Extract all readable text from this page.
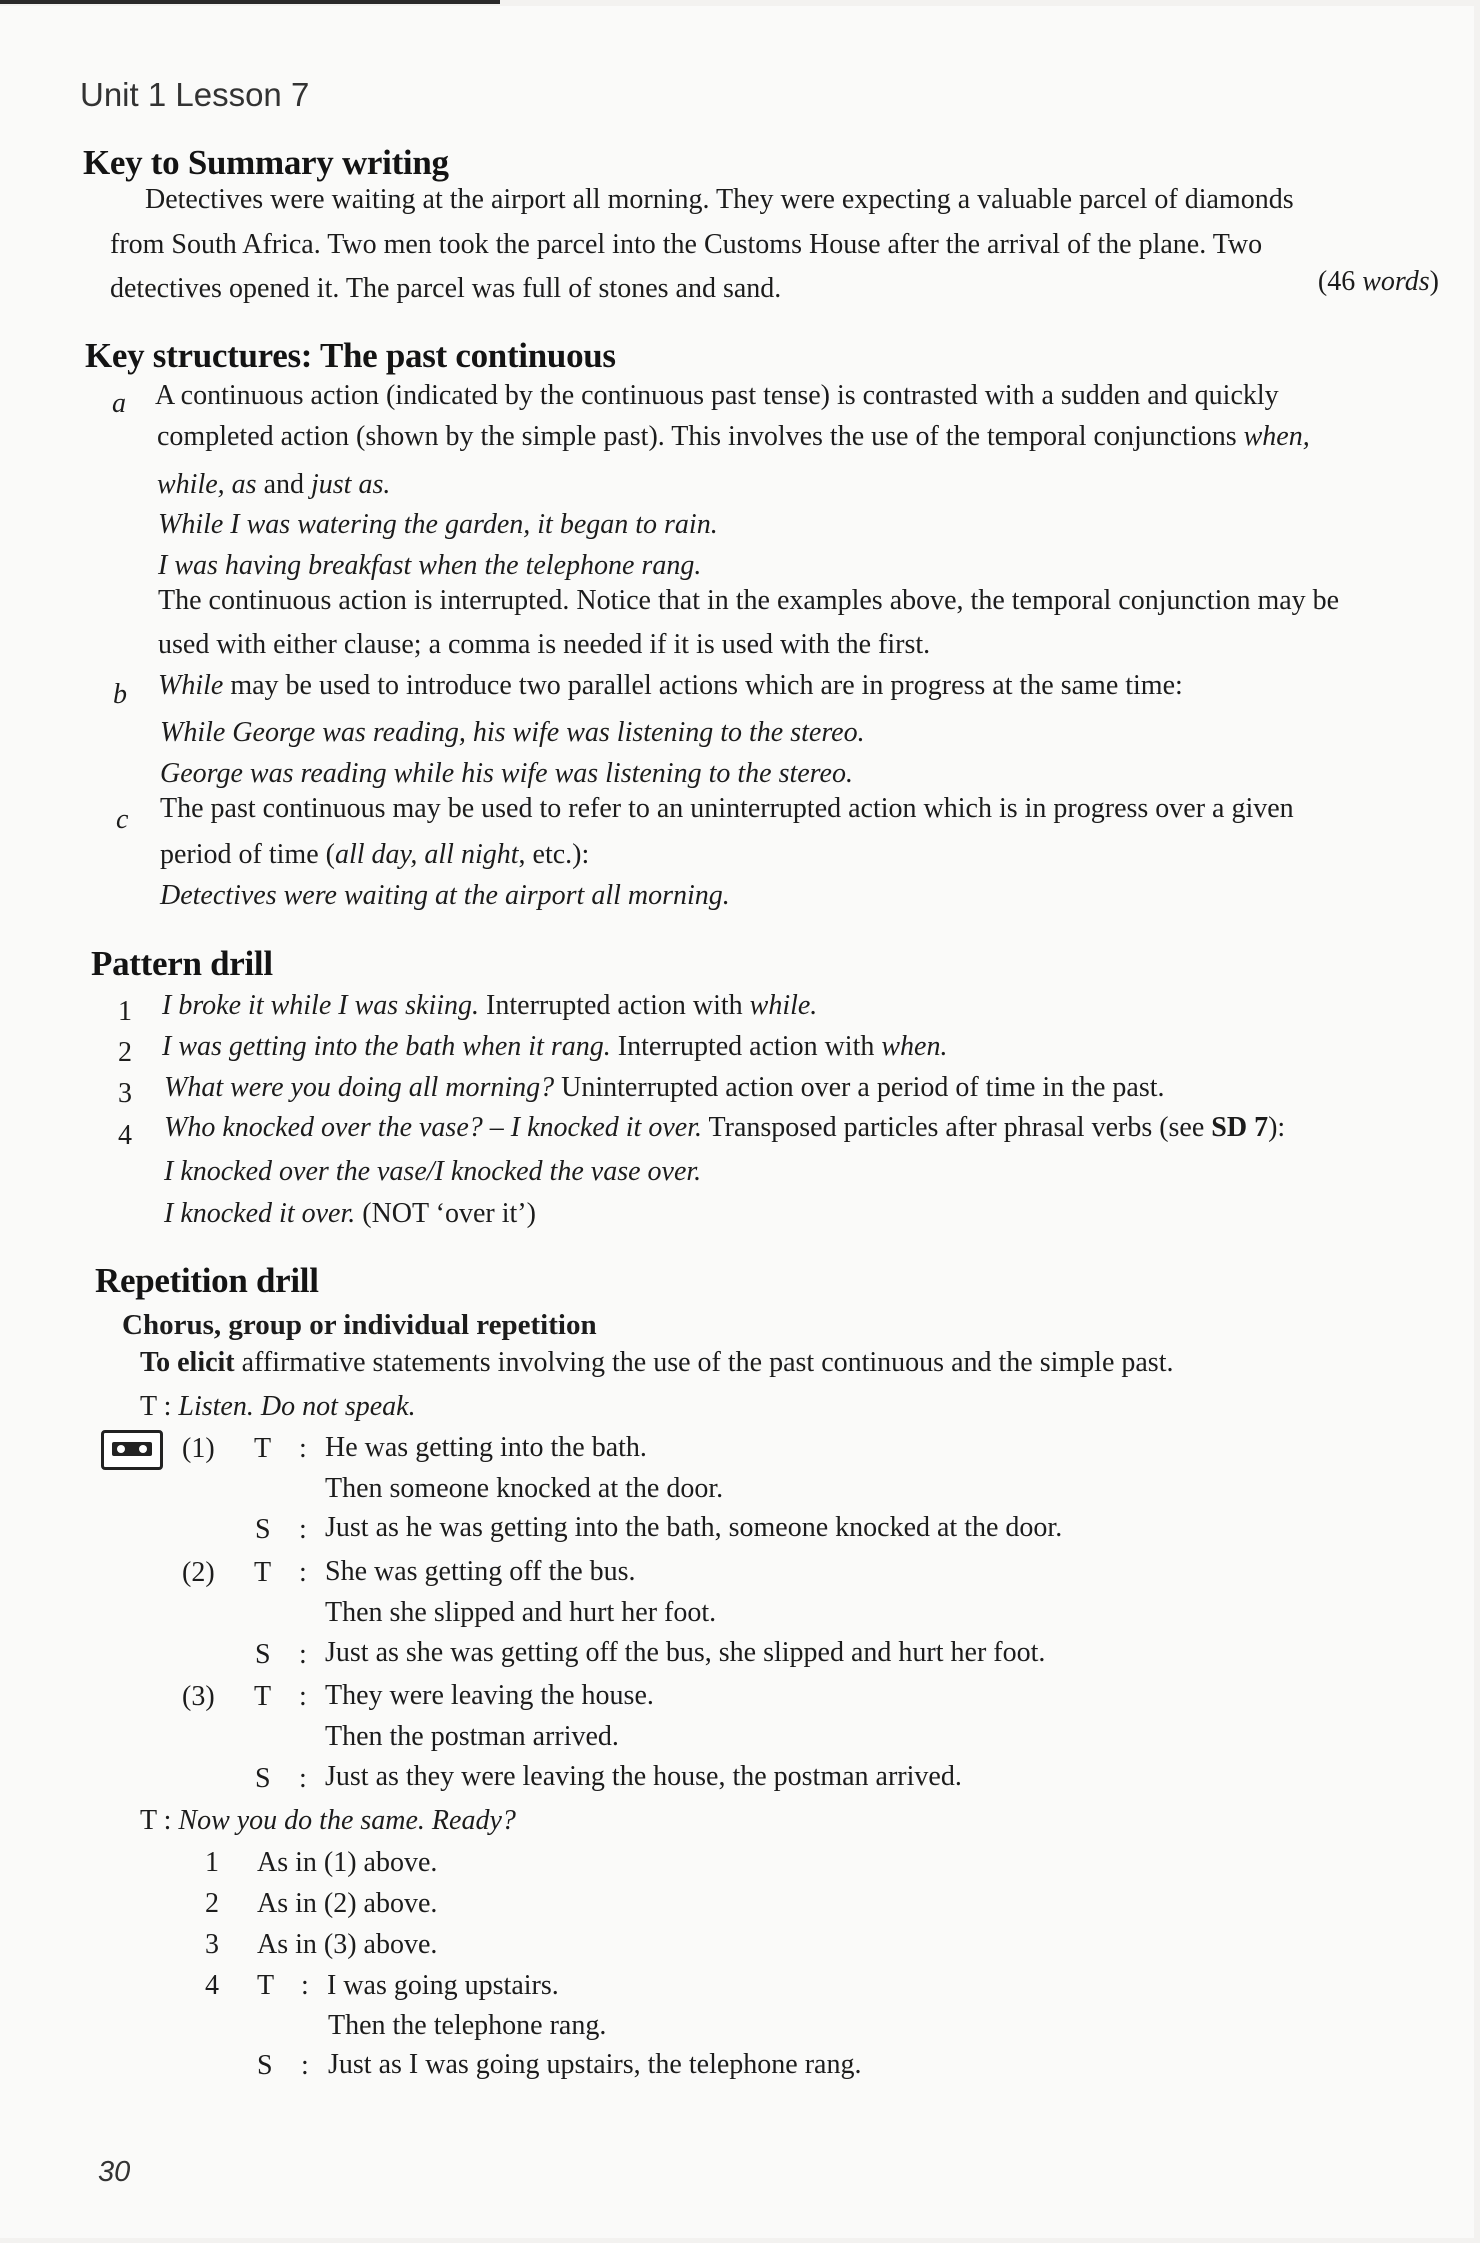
Unit 1 Lesson 7
Key to Summary writing
Detectives were waiting at the airport all morning. They were expecting a valuable parcel of diamonds
from South Africa. Two men took the parcel into the Customs House after the arrival of the plane. Two
detectives opened it. The parcel was full of stones and sand.	(46 words)
Key structures: The past continuous
a A continuous action (indicated by the continuous past tense) is contrasted with a sudden and quickly
completed action (shown by the simple past). This involves the use of the temporal conjunctions when,
while, as and just as.
While I was watering the garden, it began to rain.
I was having breakfast when the telephone rang.
The continuous action is interrupted. Notice that in the examples above, the temporal conjunction may be
used with either clause; a comma is needed if it is used with the first.
b While may be used to introduce two parallel actions which are in progress at the same time:
While George was reading, his wife was listening to the stereo.
George was reading while his wife was listening to the stereo.
c The past continuous may be used to refer to an uninterrupted action which is in progress over a given
period of time (all day, all night, etc.):
Detectives were waiting at the airport all morning.
Pattern drill
1 I broke it while I was skiing. Interrupted action with while.
2 I was getting into the bath when it rang. Interrupted action with when.
3 What were you doing all morning? Uninterrupted action over a period of time in the past.
4 Who knocked over the vase? – I knocked it over. Transposed particles after phrasal verbs (see SD 7):
I knocked over the vase/I knocked the vase over.
I knocked it over. (NOT ‘over it’)
Repetition drill
Chorus, group or individual repetition
To elicit affirmative statements involving the use of the past continuous and the simple past.
T : Listen. Do not speak.
(1) T : He was getting into the bath.
Then someone knocked at the door.
S : Just as he was getting into the bath, someone knocked at the door.
(2) T : She was getting off the bus.
Then she slipped and hurt her foot.
S : Just as she was getting off the bus, she slipped and hurt her foot.
(3) T : They were leaving the house.
Then the postman arrived.
S : Just as they were leaving the house, the postman arrived.
T : Now you do the same. Ready?
1 As in (1) above.
2 As in (2) above.
3 As in (3) above.
4 T : I was going upstairs.
Then the telephone rang.
S : Just as I was going upstairs, the telephone rang.
30
